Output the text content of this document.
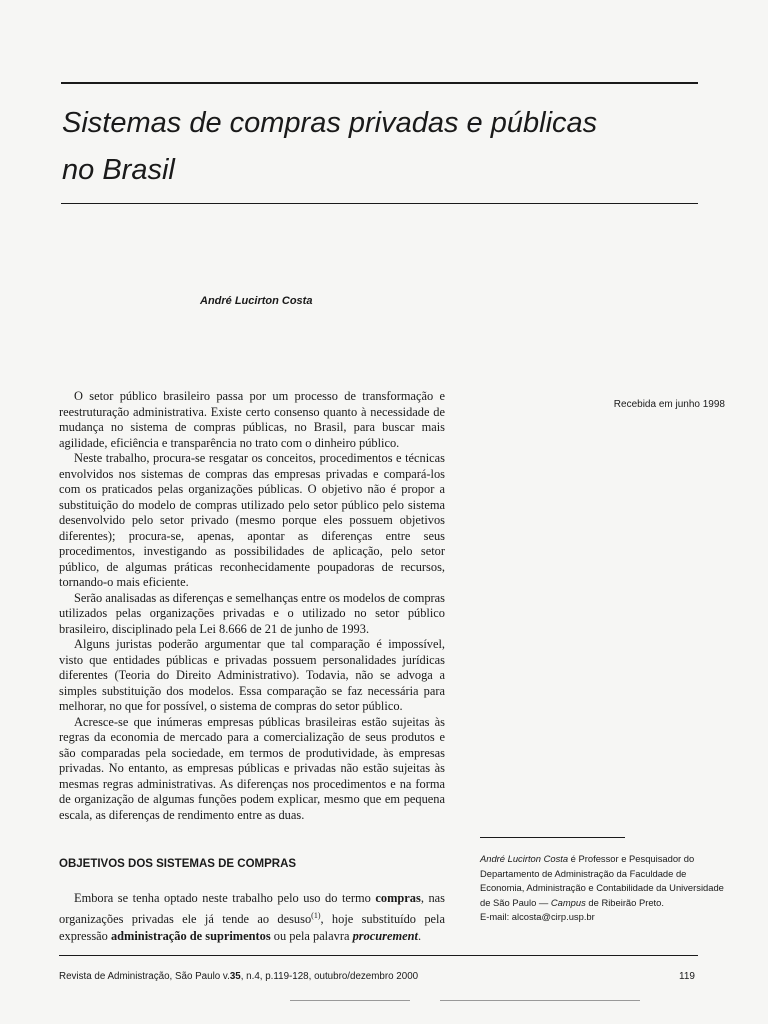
Sistemas de compras privadas e públicas
no Brasil
André Lucirton Costa
Recebida em junho 1998

O setor público brasileiro passa por um processo de transformação e reestruturação administrativa. Existe certo consenso quanto à necessidade de mudança no sistema de compras públicas, no Brasil, para buscar mais agilidade, eficiência e transparência no trato com o dinheiro público.

Neste trabalho, procura-se resgatar os conceitos, procedimentos e técnicas envolvidos nos sistemas de compras das empresas privadas e compará-los com os praticados pelas organizações públicas. O objetivo não é propor a substituição do modelo de compras utilizado pelo setor público pelo sistema desenvolvido pelo setor privado (mesmo porque eles possuem objetivos diferentes); procura-se, apenas, apontar as diferenças entre seus procedimentos, investigando as possibilidades de aplicação, pelo setor público, de algumas práticas reconhecidamente poupadoras de recursos, tornando-o mais eficiente.

Serão analisadas as diferenças e semelhanças entre os modelos de compras utilizados pelas organizações privadas e o utilizado no setor público brasileiro, disciplinado pela Lei 8.666 de 21 de junho de 1993.

Alguns juristas poderão argumentar que tal comparação é impossível, visto que entidades públicas e privadas possuem personalidades jurídicas diferentes (Teoria do Direito Administrativo). Todavia, não se advoga a simples substituição dos modelos. Essa comparação se faz necessária para melhorar, no que for possível, o sistema de compras do setor público.

Acresce-se que inúmeras empresas públicas brasileiras estão sujeitas às regras da economia de mercado para a comercialização de seus produtos e são comparadas pela sociedade, em termos de produtividade, às empresas privadas. No entanto, as empresas públicas e privadas não estão sujeitas às mesmas regras administrativas. As diferenças nos procedimentos e na forma de organização de algumas funções podem explicar, mesmo que em pequena escala, as diferenças de rendimento entre as duas.

OBJETIVOS DOS SISTEMAS DE COMPRAS

Embora se tenha optado neste trabalho pelo uso do termo compras, nas organizações privadas ele já tende ao desuso$^{(1)}$, hoje substituído pela expressão administração de suprimentos ou pela palavra procurement.

André Lucirton Costa é Professor e Pesquisador do Departamento de Administração da Faculdade de Economia, Administração e Contabilidade da Universidade de São Paulo — Campus de Ribeirão Preto.

E-mail: alcosta@cirp.usp.br

Revista de Administração, São Paulo v.35, n.4, p.119-128, outubro/dezembro 2000	119
